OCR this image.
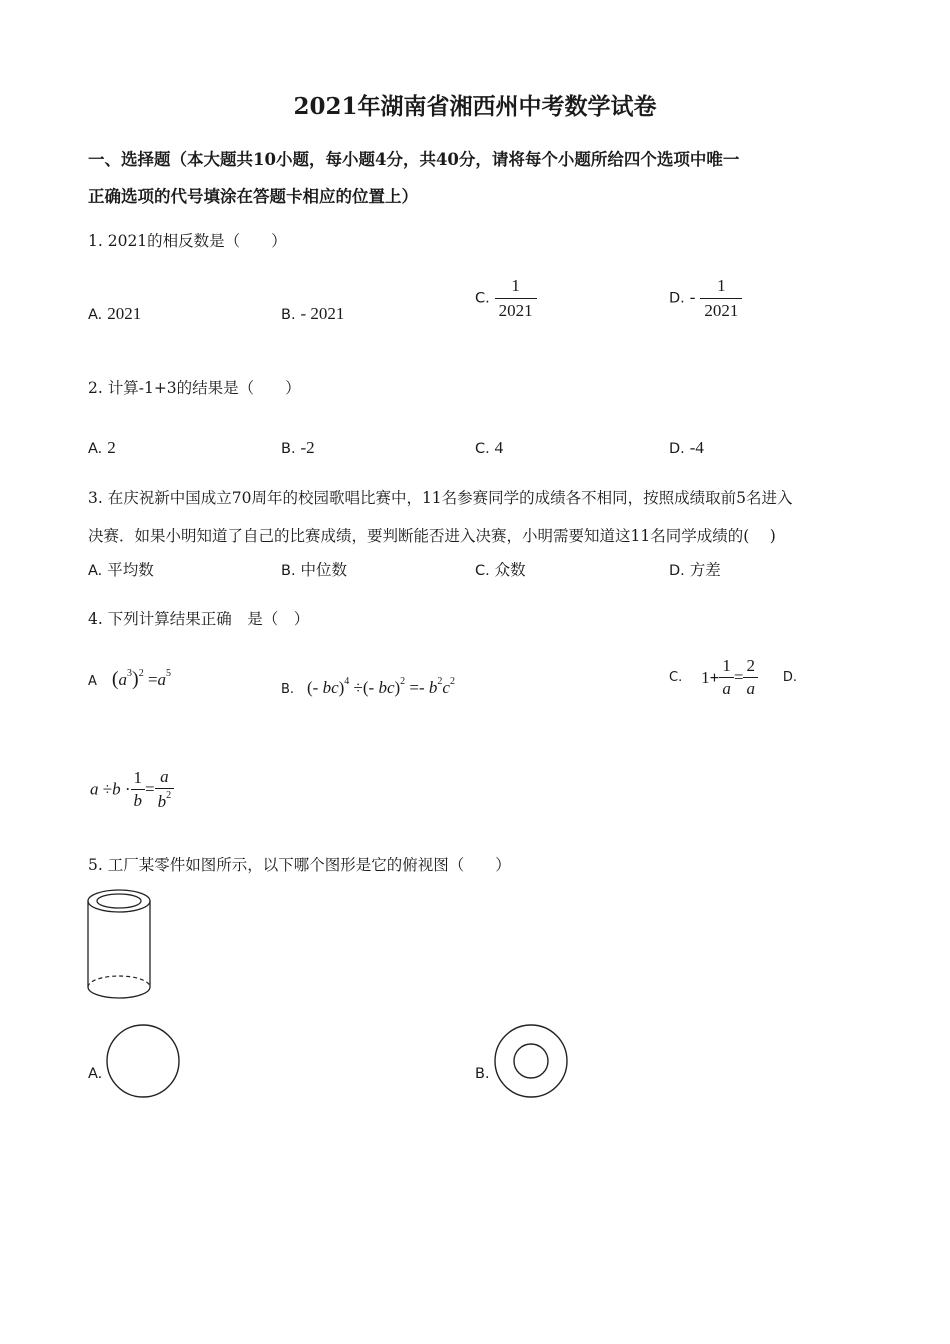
2021年湖南省湘西州中考数学试卷
一、选择题（本大题共10小题，每小题4分，共40分，请将每个小题所给四个选项中唯一
正确选项的代号填涂在答题卡相应的位置上）
1. 2021的相反数是（　　）
A. 2021	B. - 2021
C. $\frac{1}{2021}$	D. - $\frac{1}{2021}$
2. 计算-1+3的结果是（　　）
A. 2	B. -2	C. 4	D. -4
3. 在庆祝新中国成立70周年的校园歌唱比赛中，11名参赛同学的成绩各不相同，按照成绩取前5名进入
决赛．如果小明知道了自己的比赛成绩，要判断能否进入决赛，小明需要知道这11名同学成绩的(　 )
A. 平均数	B. 中位数	C. 众数	D. 方差
4. 下列计算结果正确　是（　）
A $(a^3)^2 =a^5$
B. (- bc)$^4$ ÷(- $bc)^2 =- b^2c^2$	C. $1+ \frac{1}{a} = \frac{2}{a} D$.
$a \div b \cdot \frac{1}{b} = \frac{a}{b^2}$
5. 工厂某零件如图所示，以下哪个图形是它的俯视图（　　）
A.	B.
